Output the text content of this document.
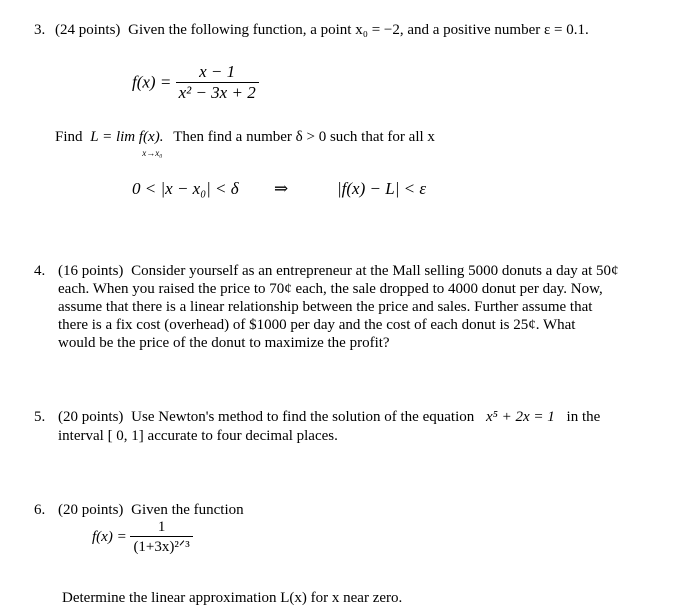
3. (24 points) Given the following function, a point x₀ = −2, and a positive number ε = 0.1.
$f(x) = \frac{x - 1}{\text{x² − 3x + 2}}$
Find L = lim f(x).
x→x₀
Then find a number δ > 0 such that for all x
0 < |x − x₀| < δ ⇒	|f(x) − L| < ε
4. (16 points) Consider yourself as an entrepreneur at the Mall selling 5000 donuts a day at 50¢
each. When you raised the price to 70¢ each, the sale dropped to 4000 donut per day. Now,
assume that there is a linear relationship between the price and sales. Further assume that
there is a fix cost (overhead) of $1000 per day and the cost of each donut is 25¢. What
would be the price of the donut to maximize the profit?
5. (20 points) Use Newton's method to find the solution of the equation x⁵ + 2x = 1 in the
interval [ 0, 1] accurate to four decimal places.
6. (20 points) Given the function
$f(x) = \frac{1}{\text{(1+3x)²ᐟ³}}$
Determine the linear approximation L(x) for x near zero.
